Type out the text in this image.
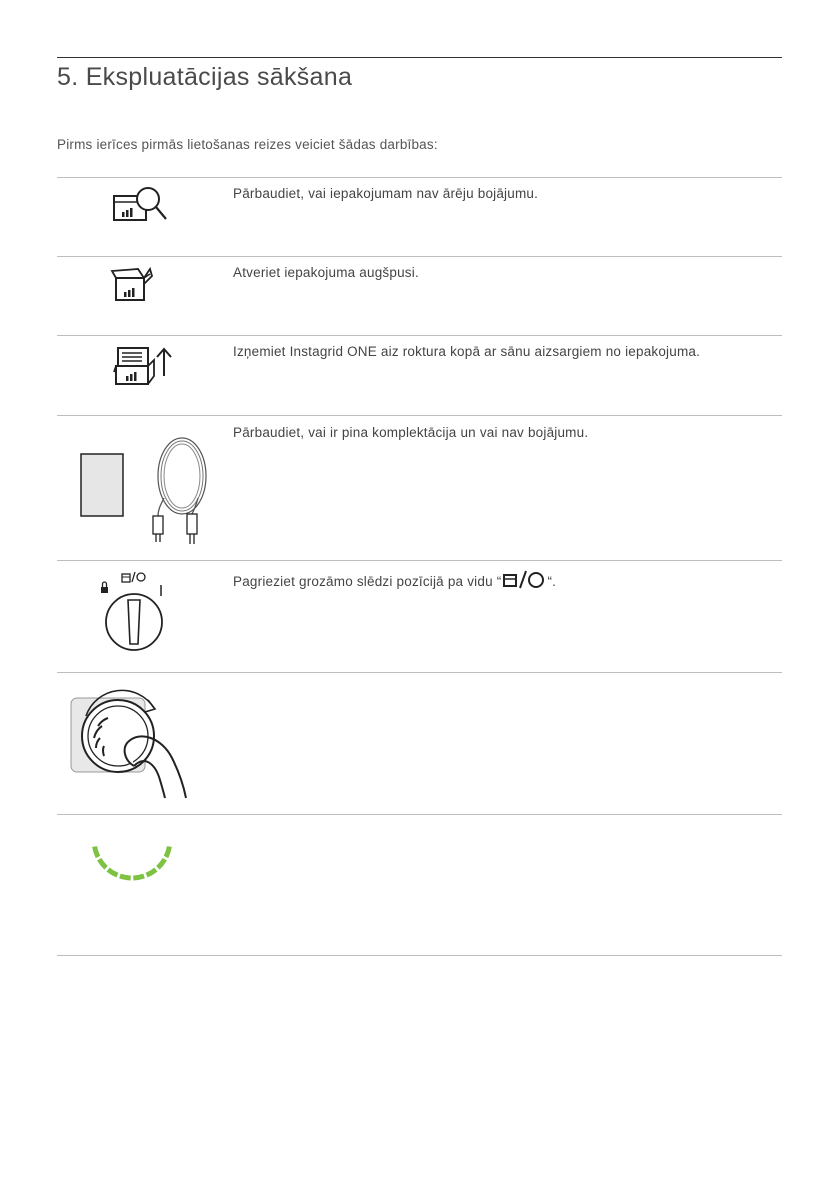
5. Ekspluatācijas sākšana
Pirms ierīces pirmās lietošanas reizes veiciet šādas darbības:
Pārbaudiet, vai iepakojumam nav ārēju bojājumu.
Atveriet iepakojuma augšpusi.
Izņemiet Instagrid ONE aiz roktura kopā ar sānu aizsargiem no iepakojuma.
Pārbaudiet, vai ir pina komplektācija un vai nav bojājumu.
Pagrieziet grozāmo slēdzi pozīcijā pa vidu “	“.
